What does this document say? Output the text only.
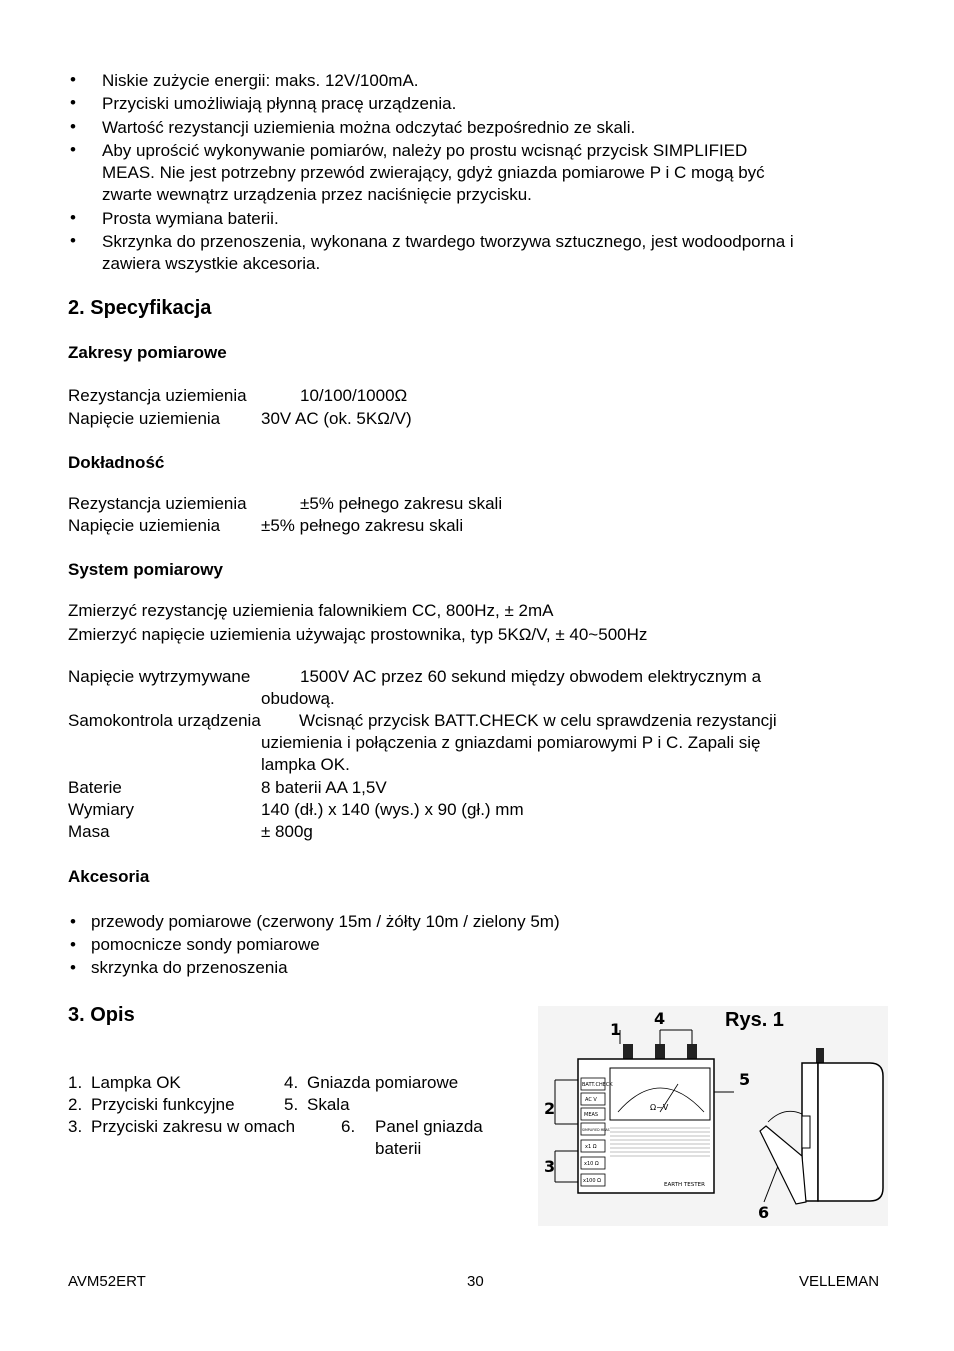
• Niskie zużycie energii: maks. 12V/100mA.
• Przyciski umożliwiają płynną pracę urządzenia.
• Wartość rezystancji uziemienia można odczytać bezpośrednio ze skali.
• Aby uprościć wykonywanie pomiarów, należy po prostu wcisnąć przycisk SIMPLIFIED
MEAS. Nie jest potrzebny przewód zwierający, gdyż gniazda pomiarowe P i C mogą być
zwarte wewnątrz urządzenia przez naciśnięcie przycisku.
• Prosta wymiana baterii.
• Skrzynka do przenoszenia, wykonana z twardego tworzywa sztucznego, jest wodoodporna i
zawiera wszystkie akcesoria.
2. Specyfikacja
Zakresy pomiarowe
Rezystancja uziemienia	10/100/1000Ω
Napięcie uziemienia 30V AC (ok. 5KΩ/V)
Dokładność
Rezystancja uziemienia	±5% pełnego zakresu skali
Napięcie uziemienia ±5% pełnego zakresu skali
System pomiarowy
Zmierzyć rezystancję uziemienia falownikiem CC, 800Hz, ± 2mA
Zmierzyć napięcie uziemienia używając prostownika, typ 5KΩ/V, ± 40~500Hz
Napięcie wytrzymywane	1500V AC przez 60 sekund między obwodem elektrycznym a
obudową.
Samokontrola urządzenia Wcisnąć przycisk BATT.CHECK w celu sprawdzenia rezystancji
uziemienia i połączenia z gniazdami pomiarowymi P i C. Zapali się
lampka OK.
Baterie	8 baterii AA 1,5V
Wymiary	140 (dł.) x 140 (wys.) x 90 (gł.) mm
Masa	± 800g
Akcesoria
• przewody pomiarowe (czerwony 15m / żółty 10m / zielony 5m)
• pomocnicze sondy pomiarowe
• skrzynka do przenoszenia
3. Opis
1. Lampka OK
2. Przyciski funkcyjne
3. Przyciski zakresu w omach
4. Gniazda pomiarowe
5. Skala
6. Panel gniazda
baterii
Ω~V
EARTH TESTER
BATT.CHECK
AC V
MEAS
SIMPLIFIED MEAS
x1 Ω
x10 Ω
x100 Ω
1
2
3
4
5
6
Rys. 1
AVM52ERT	30	VELLEMAN
